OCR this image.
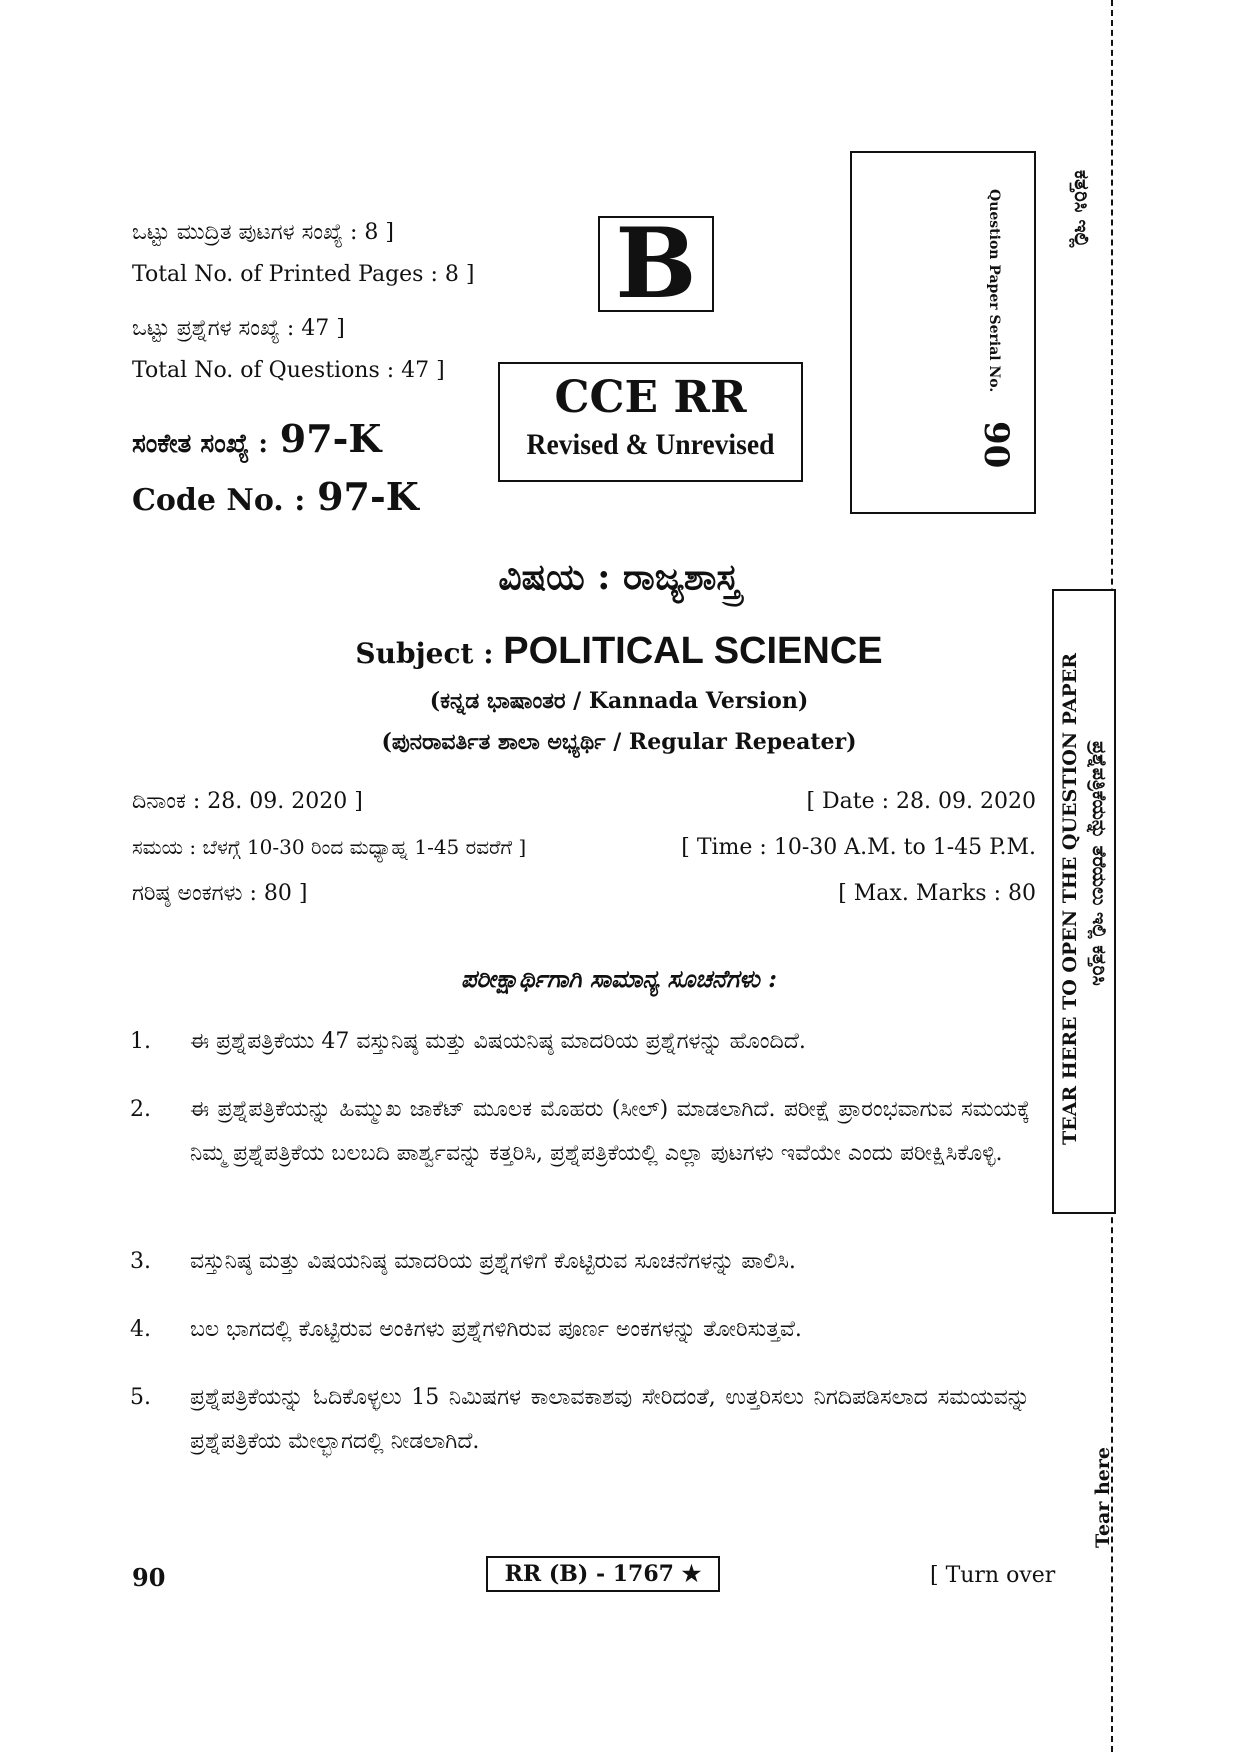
ಒಟ್ಟು ಮುದ್ರಿತ ಪುಟಗಳ ಸಂಖ್ಯೆ : 8 ]
Total No. of Printed Pages : 8 ]
ಒಟ್ಟು ಪ್ರಶ್ನೆಗಳ ಸಂಖ್ಯೆ : 47 ]
Total No. of Questions : 47 ]
ಸಂಕೇತ ಸಂಖ್ಯೆ : 97-K
Code No. : 97-K
B
CCE RR
Revised & Unrevised
Question Paper Serial No.
90
ಕತ್ತರಿಸಿ ಇಲ್ಲಿ
TEAR HERE TO OPEN THE QUESTION PAPER ಪ್ರಶ್ನೆಪತ್ರಿಕೆಯನ್ನು ತೆರೆಯಲು ಇಲ್ಲಿ ಕತ್ತರಿಸಿ
Tear here
ವಿಷಯ : ರಾಜ್ಯಶಾಸ್ತ್ರ
Subject : POLITICAL SCIENCE
(ಕನ್ನಡ ಭಾಷಾಂತರ / Kannada Version)
(ಪುನರಾವರ್ತಿತ ಶಾಲಾ ಅಭ್ಯರ್ಥಿ / Regular Repeater)
ದಿನಾಂಕ : 28. 09. 2020 ]	[ Date : 28. 09. 2020
ಸಮಯ : ಬೆಳಗ್ಗೆ 10-30 ರಿಂದ ಮಧ್ಯಾಹ್ನ 1-45 ರವರೆಗೆ ]	[ Time : 10-30 A.M. to 1-45 P.M.
ಗರಿಷ್ಠ ಅಂಕಗಳು : 80 ]	[ Max. Marks : 80
ಪರೀಕ್ಷಾರ್ಥಿಗಾಗಿ ಸಾಮಾನ್ಯ ಸೂಚನೆಗಳು :
1. ಈ ಪ್ರಶ್ನೆಪತ್ರಿಕೆಯು 47 ವಸ್ತುನಿಷ್ಠ ಮತ್ತು ವಿಷಯನಿಷ್ಠ ಮಾದರಿಯ ಪ್ರಶ್ನೆಗಳನ್ನು ಹೊಂದಿದೆ.
2. ಈ ಪ್ರಶ್ನೆಪತ್ರಿಕೆಯನ್ನು ಹಿಮ್ಮುಖ ಜಾಕೆಟ್ ಮೂಲಕ ಮೊಹರು (ಸೀಲ್) ಮಾಡಲಾಗಿದೆ. ಪರೀಕ್ಷೆ ಪ್ರಾರಂಭವಾಗುವ ಸಮಯಕ್ಕೆ ನಿಮ್ಮ ಪ್ರಶ್ನೆಪತ್ರಿಕೆಯ ಬಲಬದಿ ಪಾರ್ಶ್ವವನ್ನು ಕತ್ತರಿಸಿ, ಪ್ರಶ್ನೆಪತ್ರಿಕೆಯಲ್ಲಿ ಎಲ್ಲಾ ಪುಟಗಳು ಇವೆಯೇ ಎಂದು ಪರೀಕ್ಷಿಸಿಕೊಳ್ಳಿ.
3. ವಸ್ತುನಿಷ್ಠ ಮತ್ತು ವಿಷಯನಿಷ್ಠ ಮಾದರಿಯ ಪ್ರಶ್ನೆಗಳಿಗೆ ಕೊಟ್ಟಿರುವ ಸೂಚನೆಗಳನ್ನು ಪಾಲಿಸಿ.
4. ಬಲ ಭಾಗದಲ್ಲಿ ಕೊಟ್ಟಿರುವ ಅಂಕಿಗಳು ಪ್ರಶ್ನೆಗಳಿಗಿರುವ ಪೂರ್ಣ ಅಂಕಗಳನ್ನು ತೋರಿಸುತ್ತವೆ.
5. ಪ್ರಶ್ನೆಪತ್ರಿಕೆಯನ್ನು ಓದಿಕೊಳ್ಳಲು 15 ನಿಮಿಷಗಳ ಕಾಲಾವಕಾಶವು ಸೇರಿದಂತೆ, ಉತ್ತರಿಸಲು ನಿಗದಿಪಡಿಸಲಾದ ಸಮಯವನ್ನು ಪ್ರಶ್ನೆಪತ್ರಿಕೆಯ ಮೇಲ್ಭಾಗದಲ್ಲಿ ನೀಡಲಾಗಿದೆ.
90	RR (B) - 1767 ★	[ Turn over
